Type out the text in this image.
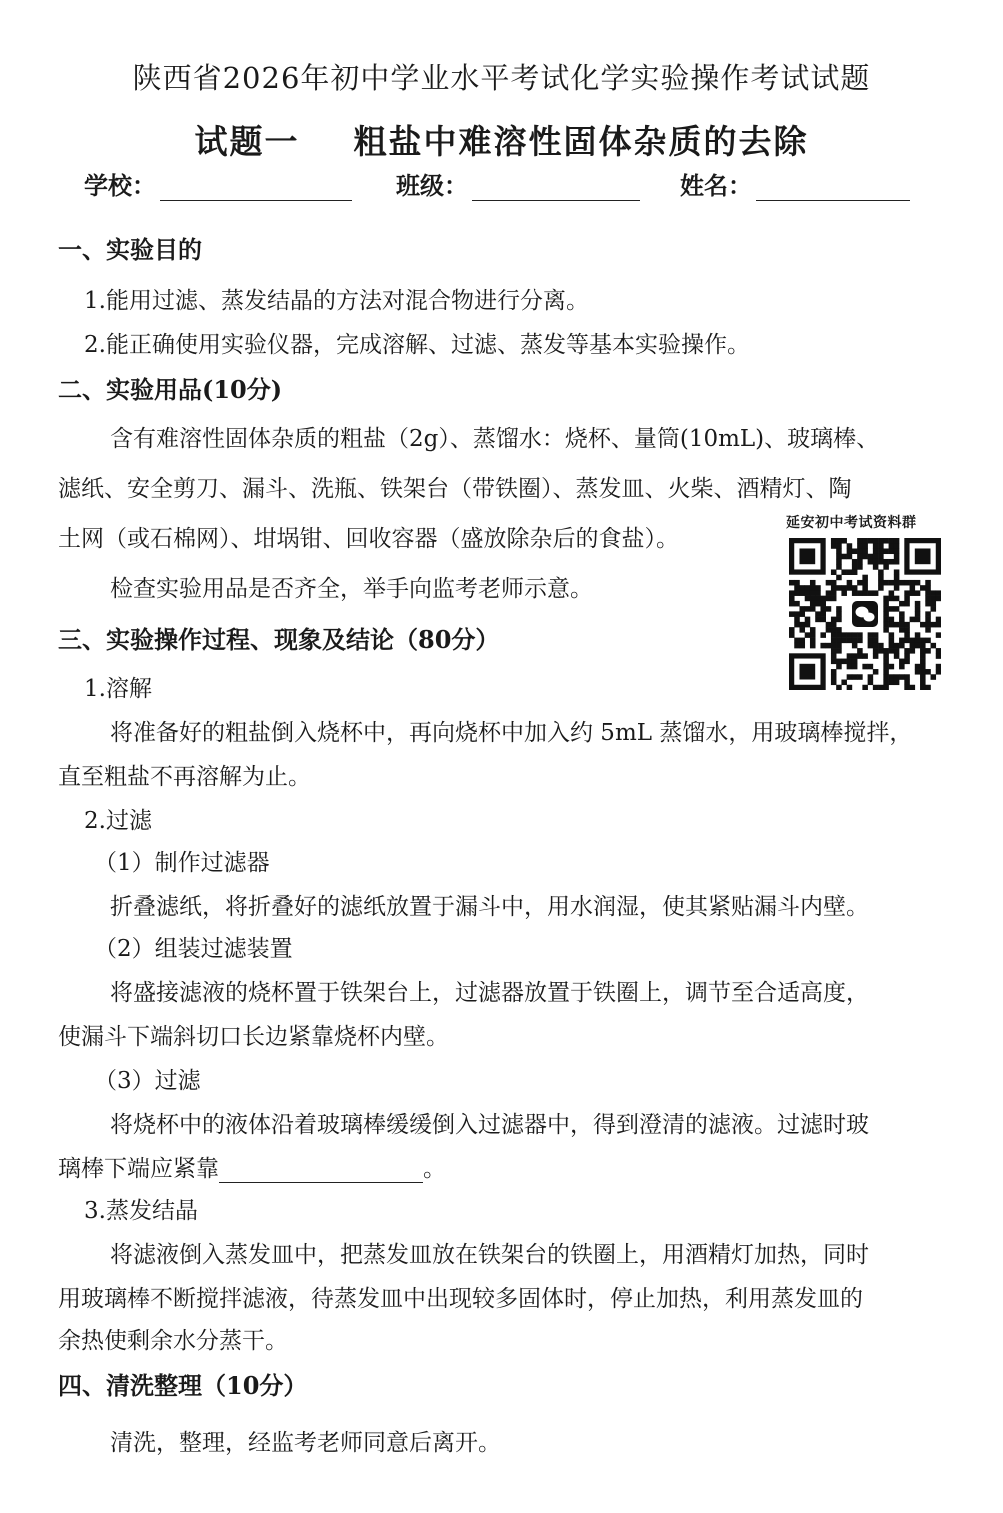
陕西省2026年初中学业水平考试化学实验操作考试试题
试题一    粗盐中难溶性固体杂质的去除
学校：	班级：	姓名：
一、实验目的
1.能用过滤、蒸发结晶的方法对混合物进行分离。
2.能正确使用实验仪器，完成溶解、过滤、蒸发等基本实验操作。
二、实验用品(10分)
含有难溶性固体杂质的粗盐（2g）、蒸馏水：烧杯、量筒(10mL)、玻璃棒、
滤纸、安全剪刀、漏斗、洗瓶、铁架台（带铁圈）、蒸发皿、火柴、酒精灯、陶
土网（或石棉网）、坩埚钳、回收容器（盛放除杂后的食盐）。
检查实验用品是否齐全，举手向监考老师示意。
延安初中考试资料群
三、实验操作过程、现象及结论（80分）
1.溶解
将准备好的粗盐倒入烧杯中，再向烧杯中加入约 5mL 蒸馏水，用玻璃棒搅拌，
直至粗盐不再溶解为止。
2.过滤
（1）制作过滤器
折叠滤纸，将折叠好的滤纸放置于漏斗中，用水润湿，使其紧贴漏斗内壁。
（2）组装过滤装置
将盛接滤液的烧杯置于铁架台上，过滤器放置于铁圈上，调节至合适高度，
使漏斗下端斜切口长边紧靠烧杯内壁。
（3）过滤
将烧杯中的液体沿着玻璃棒缓缓倒入过滤器中，得到澄清的滤液。过滤时玻
璃棒下端应紧靠	。
3.蒸发结晶
将滤液倒入蒸发皿中，把蒸发皿放在铁架台的铁圈上，用酒精灯加热，同时
用玻璃棒不断搅拌滤液，待蒸发皿中出现较多固体时，停止加热，利用蒸发皿的
余热使剩余水分蒸干。
四、清洗整理（10分）
清洗，整理，经监考老师同意后离开。
